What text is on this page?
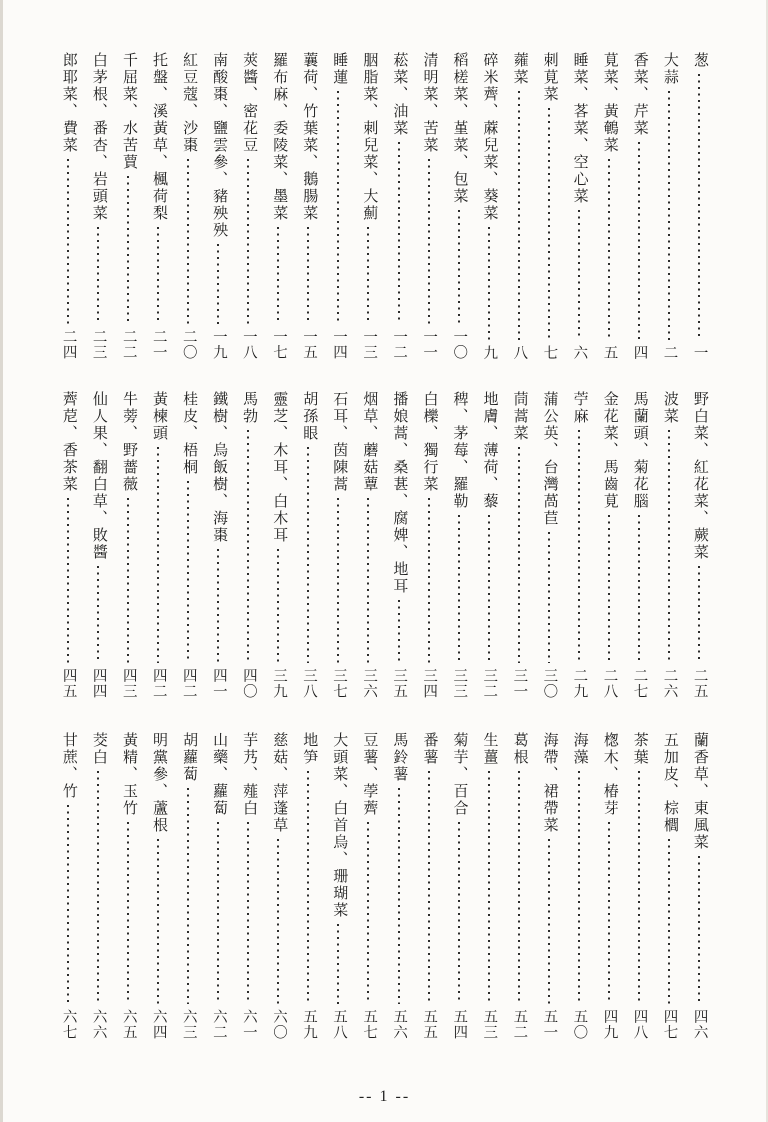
葱
一
大蒜
二
香菜、芹菜
四
莧菜、黃鵪菜
五
睡菜、茖菜、空心菜
六
刺莧菜
七
蕹菜
八
碎米薺、蔴兒菜、葵菜
九
稻槎菜、堇菜、包菜
一〇
清明菜、苦菜
一一
菘菜、油菜
一二
胭脂菜、刺兒菜、大薊
一三
睡蓮
一四
蘘荷、竹葉菜、鵝腸菜
一五
羅布麻、委陵菜、墨菜
一七
莢醬、密花豆
一八
南酸棗、鹽雲參、豬殃殃
一九
紅豆蔻、沙棗
二〇
托盤、溪黃草、楓荷梨
二一
千屈菜、水苦蕒
二二
白茅根、番杏、岩頭菜
二三
郎耶菜、費菜
二四
野白菜、紅花菜、蕨菜
二五
波菜
二六
馬蘭頭、菊花腦
二七
金花菜、馬齒莧
二八
苧麻
二九
蒲公英、台灣萵苣
三〇
茼蒿菜
三一
地膚、薄荷、藜
三二
稗、茅莓、羅勒
三三
白櫟、獨行菜
三四
播娘蒿、桑葚、腐婢、地耳
三五
烟草、蘑菇蕈
三六
石耳、茵陳蒿
三七
胡孫眼
三八
靈芝、木耳、白木耳
三九
馬勃
四〇
鐵樹、烏飯樹、海棗
四一
桂皮、梧桐
四二
黃楝頭
四二
牛蒡、野薔薇
四三
仙人果、翻白草、敗醬
四四
薺苨、香茶菜
四五
蘭香草、東風菜
四六
五加皮、棕櫚
四七
茶葉
四八
楤木、椿芽
四九
海藻
五〇
海帶、裙帶菜
五一
葛根
五二
生薑
五三
菊芋、百合
五四
番薯
五五
馬鈴薯
五六
豆薯、荸薺
五七
大頭菜、白首烏、珊瑚菜
五八
地笋
五九
慈菇、萍蓬草
六〇
芋艿、薤白
六一
山藥、蘿蔔
六二
胡蘿蔔
六三
明黨參、蘆根
六四
黃精、玉竹
六五
茭白
六六
甘蔗、竹
六七
-- 1 --
